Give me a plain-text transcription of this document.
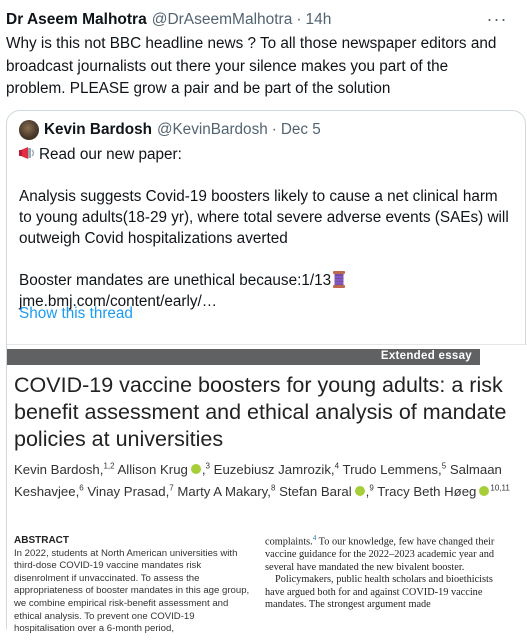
Dr Aseem Malhotra @DrAseemMalhotra · 14h	···
Why is this not BBC headline news ? To all those newspaper editors and broadcast journalists out there your silence makes you part of the problem. PLEASE grow a pair and be part of the solution
Kevin Bardosh @KevinBardosh · Dec 5
Read our new paper:
Analysis suggests Covid-19 boosters likely to cause a net clinical harm to young adults(18-29 yr), where total severe adverse events (SAEs) will outweigh Covid hospitalizations averted
Booster mandates are unethical because:1/13
jme.bmj.com/content/early/…
Show this thread
Extended essay
COVID-19 vaccine boosters for young adults: a risk benefit assessment and ethical analysis of mandate policies at universities
Kevin Bardosh,$^{1,2}$ Allison Krug ,$^3$ Euzebiusz Jamrozik,$^4$ Trudo Lemmens,$^5$ Salmaan Keshavjee,$^6$ Vinay Prasad,$^7$ Marty A Makary,$^8$ Stefan Baral ,$^9$ Tracy Beth Høeg $^{10,11}$
ABSTRACT
In 2022, students at North American universities with third-dose COVID-19 vaccine mandates risk disenrolment if unvaccinated. To assess the appropriateness of booster mandates in this age group, we combine empirical risk-benefit assessment and ethical analysis. To prevent one COVID-19 hospitalisation over a 6-month period,
complaints.$^4$ To our knowledge, few have changed their vaccine guidance for the 2022–2023 academic year and several have mandated the new bivalent booster.
Policymakers, public health scholars and bioethicists have argued both for and against COVID-19 vaccine mandates. The strongest argument made
